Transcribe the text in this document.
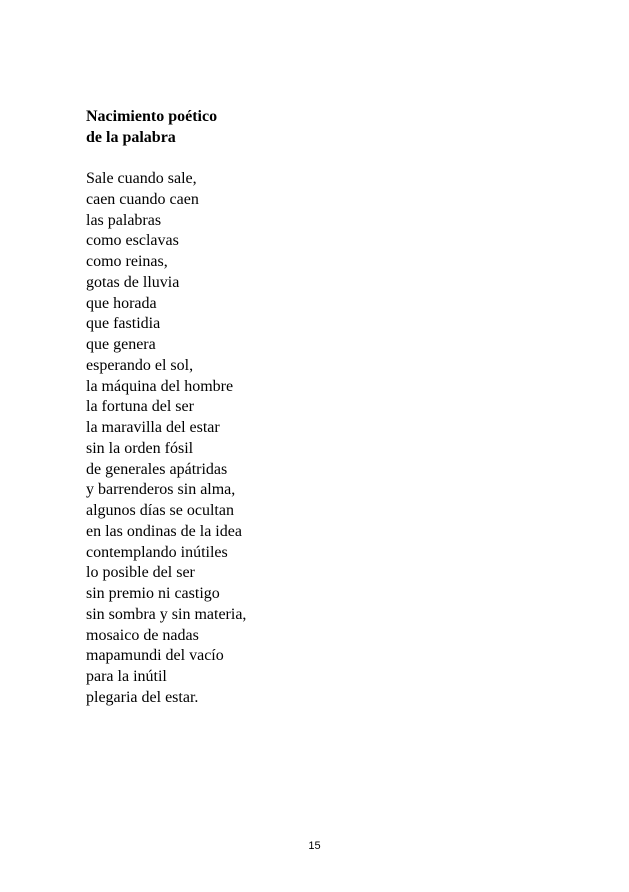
Nacimiento poético
de la palabra
Sale cuando sale,
caen cuando caen
las palabras
como esclavas
como reinas,
gotas de lluvia
que horada
que fastidia
que genera
esperando el sol,
la máquina del hombre
la fortuna del ser
la maravilla del estar
sin la orden fósil
de generales apátridas
y barrenderos sin alma,
algunos días se ocultan
en las ondinas de la idea
contemplando inútiles
lo posible del ser
sin premio ni castigo
sin sombra y sin materia,
mosaico de nadas
mapamundi del vacío
para la inútil
plegaria del estar.
15
